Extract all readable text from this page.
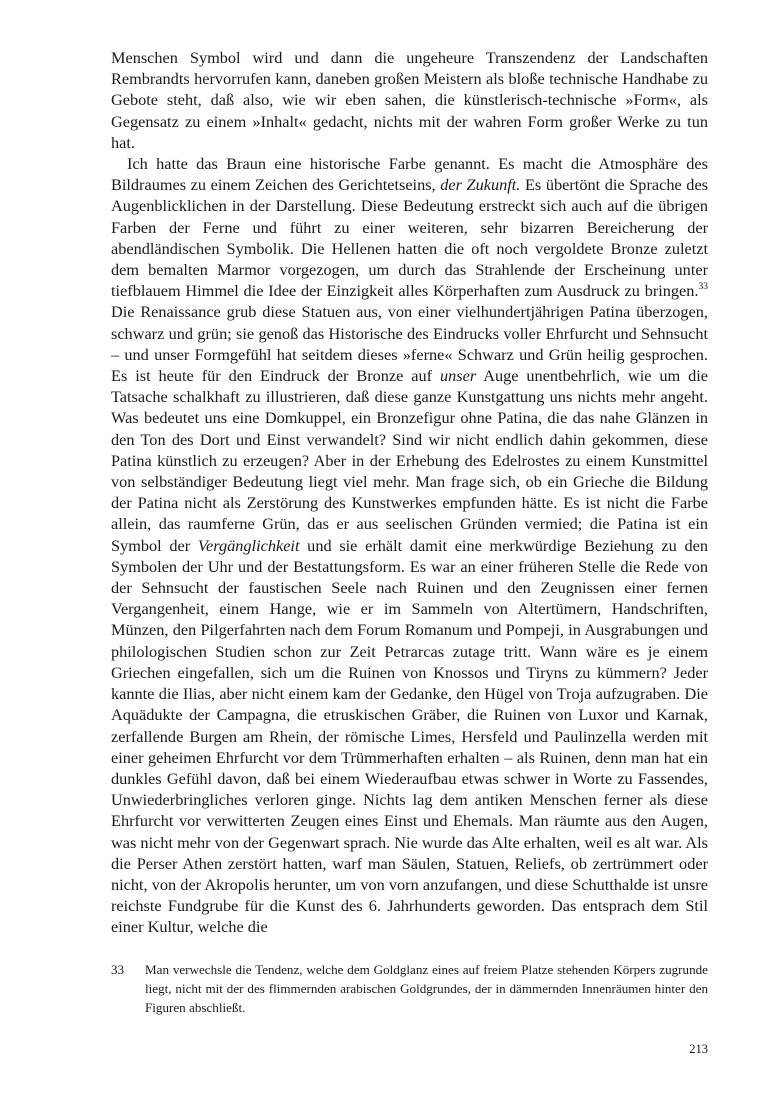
Menschen Symbol wird und dann die ungeheure Transzendenz der Landschaften Rembrandts hervorrufen kann, daneben großen Meistern als bloße technische Handhabe zu Gebote steht, daß also, wie wir eben sahen, die künstlerisch-technische »Form«, als Gegensatz zu einem »Inhalt« gedacht, nichts mit der wahren Form großer Werke zu tun hat.

Ich hatte das Braun eine historische Farbe genannt. Es macht die Atmosphäre des Bildraumes zu einem Zeichen des Gerichtetseins, der Zukunft. Es übertönt die Sprache des Augenblicklichen in der Darstellung. Diese Bedeutung erstreckt sich auch auf die übrigen Farben der Ferne und führt zu einer weiteren, sehr bizarren Bereicherung der abendländischen Symbolik. Die Hellenen hatten die oft noch vergoldete Bronze zuletzt dem bemalten Marmor vorgezogen, um durch das Strahlende der Erscheinung unter tiefblauem Himmel die Idee der Einzigkeit alles Körperhaften zum Ausdruck zu bringen.$^{33}$ Die Renaissance grub diese Statuen aus, von einer vielhundertjährigen Patina überzogen, schwarz und grün; sie genoß das Historische des Eindrucks voller Ehrfurcht und Sehnsucht – und unser Formgefühl hat seitdem dieses »ferne« Schwarz und Grün heilig gesprochen. Es ist heute für den Eindruck der Bronze auf unser Auge unentbehrlich, wie um die Tatsache schalkhaft zu illustrieren, daß diese ganze Kunstgattung uns nichts mehr angeht. Was bedeutet uns eine Domkuppel, ein Bronzefigur ohne Patina, die das nahe Glänzen in den Ton des Dort und Einst verwandelt? Sind wir nicht endlich dahin gekommen, diese Patina künstlich zu erzeugen? Aber in der Erhebung des Edelrostes zu einem Kunstmittel von selbständiger Bedeutung liegt viel mehr. Man frage sich, ob ein Grieche die Bildung der Patina nicht als Zerstörung des Kunstwerkes empfunden hätte. Es ist nicht die Farbe allein, das raumferne Grün, das er aus seelischen Gründen vermied; die Patina ist ein Symbol der Vergänglichkeit und sie erhält damit eine merkwürdige Beziehung zu den Symbolen der Uhr und der Bestattungsform. Es war an einer früheren Stelle die Rede von der Sehnsucht der faustischen Seele nach Ruinen und den Zeugnissen einer fernen Vergangenheit, einem Hange, wie er im Sammeln von Altertümern, Handschriften, Münzen, den Pilgerfahrten nach dem Forum Romanum und Pompeji, in Ausgrabungen und philologischen Studien schon zur Zeit Petrarcas zutage tritt. Wann wäre es je einem Griechen eingefallen, sich um die Ruinen von Knossos und Tiryns zu kümmern? Jeder kannte die Ilias, aber nicht einem kam der Gedanke, den Hügel von Troja aufzugraben. Die Aquädukte der Campagna, die etruskischen Gräber, die Ruinen von Luxor und Karnak, zerfallende Burgen am Rhein, der römische Limes, Hersfeld und Paulinzella werden mit einer geheimen Ehrfurcht vor dem Trümmerhaften erhalten – als Ruinen, denn man hat ein dunkles Gefühl davon, daß bei einem Wiederaufbau etwas schwer in Worte zu Fassendes, Unwiederbringliches verloren ginge. Nichts lag dem antiken Menschen ferner als diese Ehrfurcht vor verwitterten Zeugen eines Einst und Ehemals. Man räumte aus den Augen, was nicht mehr von der Gegenwart sprach. Nie wurde das Alte erhalten, weil es alt war. Als die Perser Athen zerstört hatten, warf man Säulen, Statuen, Reliefs, ob zertrümmert oder nicht, von der Akropolis herunter, um von vorn anzufangen, und diese Schutthalde ist unsre reichste Fundgrube für die Kunst des 6. Jahrhunderts geworden. Das entsprach dem Stil einer Kultur, welche die

33	Man verwechsle die Tendenz, welche dem Goldglanz eines auf freiem Platze stehenden Körpers zugrunde liegt, nicht mit der des flimmernden arabischen Goldgrundes, der in dämmernden Innenräumen hinter den Figuren abschließt.
213
